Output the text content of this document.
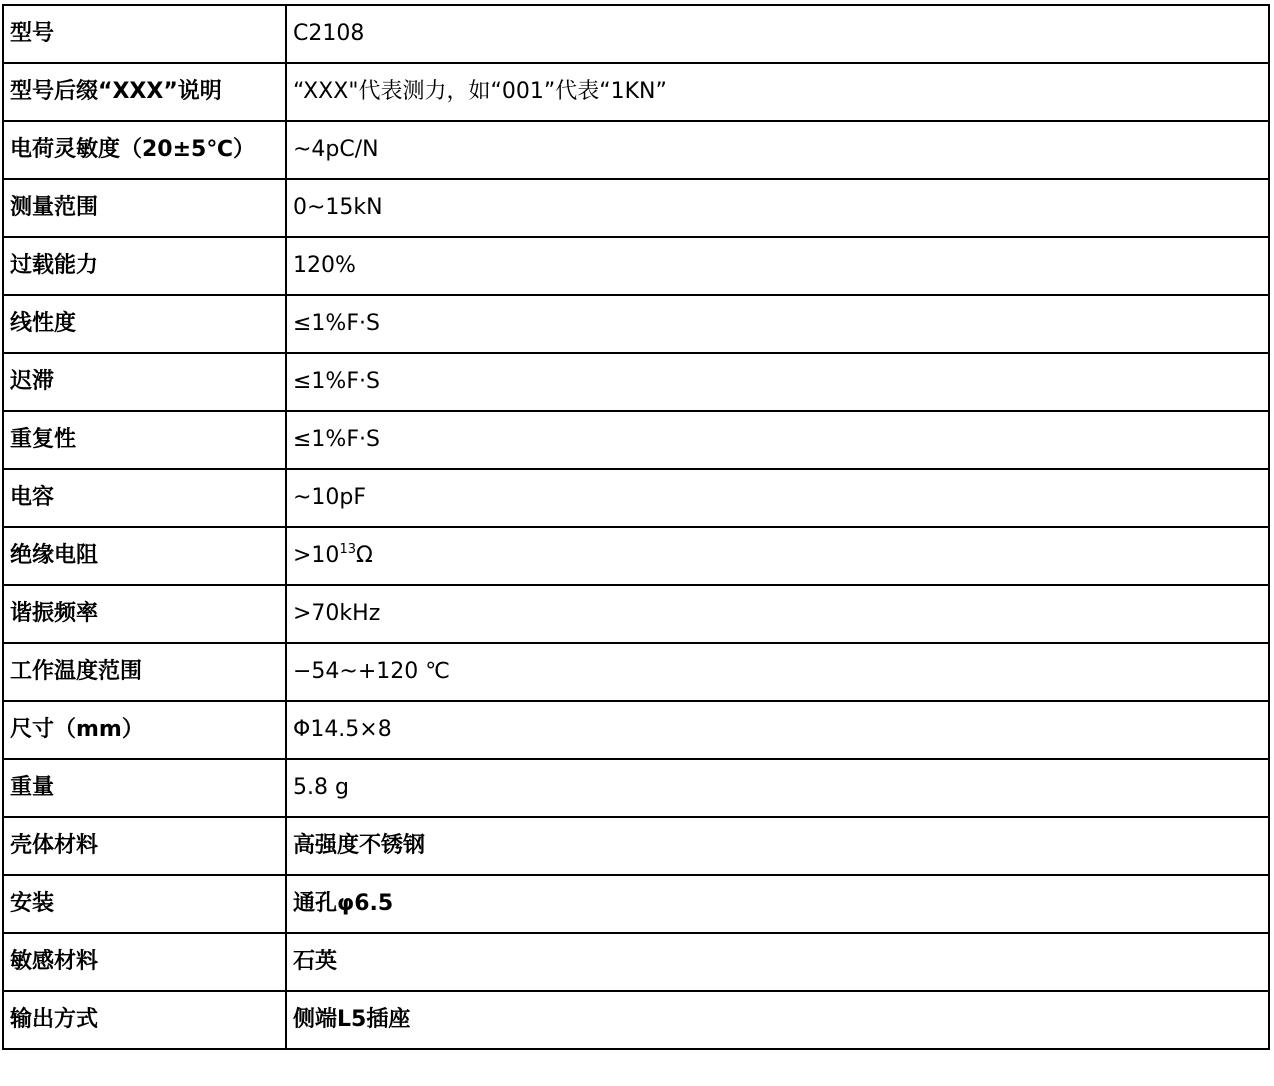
型号	C2108
型号后缀“XXX”说明	“XXX"代表测力，如“001”代表“1KN”
电荷灵敏度（20±5℃）	~4pC/N
测量范围	0~15kN
过载能力	120%
线性度	≤1%F·S
迟滞	≤1%F·S
重复性	≤1%F·S
电容	~10pF
绝缘电阻	$>10^{13}\Omega$
谐振频率	>70kHz
工作温度范围	−54~+120 ℃
尺寸（mm）	Φ14.5×8
重量	5.8 g
壳体材料	高强度不锈钢
安装	通孔φ6.5
敏感材料	石英
输出方式	侧端L5插座
